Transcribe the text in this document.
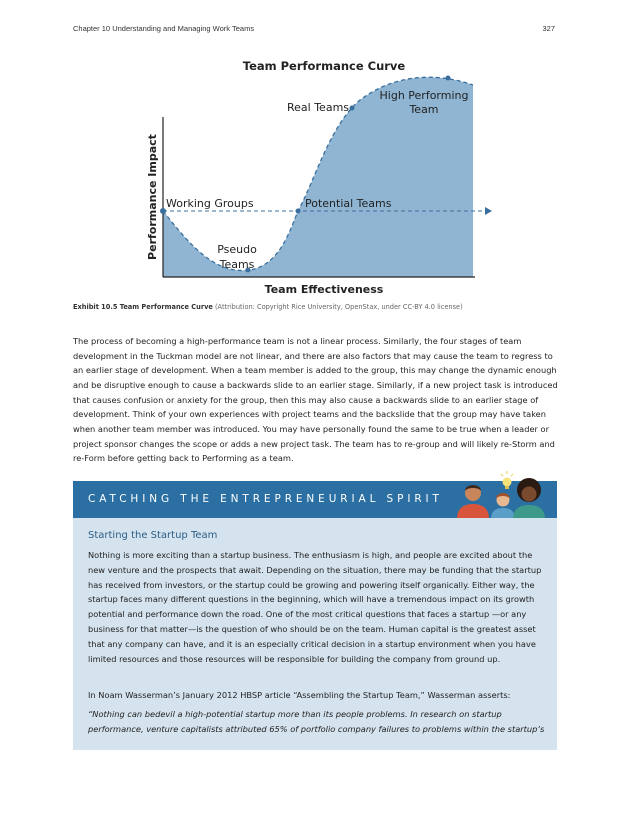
Chapter 10 Understanding and Managing Work Teams	327
Team Performance Curve
Performance Impact
Team Effectiveness
Working Groups
Pseudo
Teams
Potential Teams
Real Teams
High Performing
Team
Exhibit 10.5 Team Performance Curve (Attribution: Copyright Rice University, OpenStax, under CC-BY 4.0 license)
The process of becoming a high-performance team is not a linear process. Similarly, the four stages of team development in the Tuckman model are not linear, and there are also factors that may cause the team to regress to an earlier stage of development. When a team member is added to the group, this may change the dynamic enough and be disruptive enough to cause a backwards slide to an earlier stage. Similarly, if a new project task is introduced that causes confusion or anxiety for the group, then this may also cause a backwards slide to an earlier stage of development. Think of your own experiences with project teams and the backslide that the group may have taken when another team member was introduced. You may have personally found the same to be true when a leader or project sponsor changes the scope or adds a new project task. The team has to re-group and will likely re-Storm and re-Form before getting back to Performing as a team.
CATCHING THE ENTREPRENEURIAL SPIRIT
Starting the Startup Team
Nothing is more exciting than a startup business. The enthusiasm is high, and people are excited about the new venture and the prospects that await. Depending on the situation, there may be funding that the startup has received from investors, or the startup could be growing and powering itself organically. Either way, the startup faces many different questions in the beginning, which will have a tremendous impact on its growth potential and performance down the road. One of the most critical questions that faces a startup —or any business for that matter—is the question of who should be on the team. Human capital is the greatest asset that any company can have, and it is an especially critical decision in a startup environment when you have limited resources and those resources will be responsible for building the company from ground up.
In Noam Wasserman’s January 2012 HBSP article “Assembling the Startup Team,” Wasserman asserts:
“Nothing can bedevil a high-potential startup more than its people problems. In research on startup performance, venture capitalists attributed 65% of portfolio company failures to problems within the startup’s
